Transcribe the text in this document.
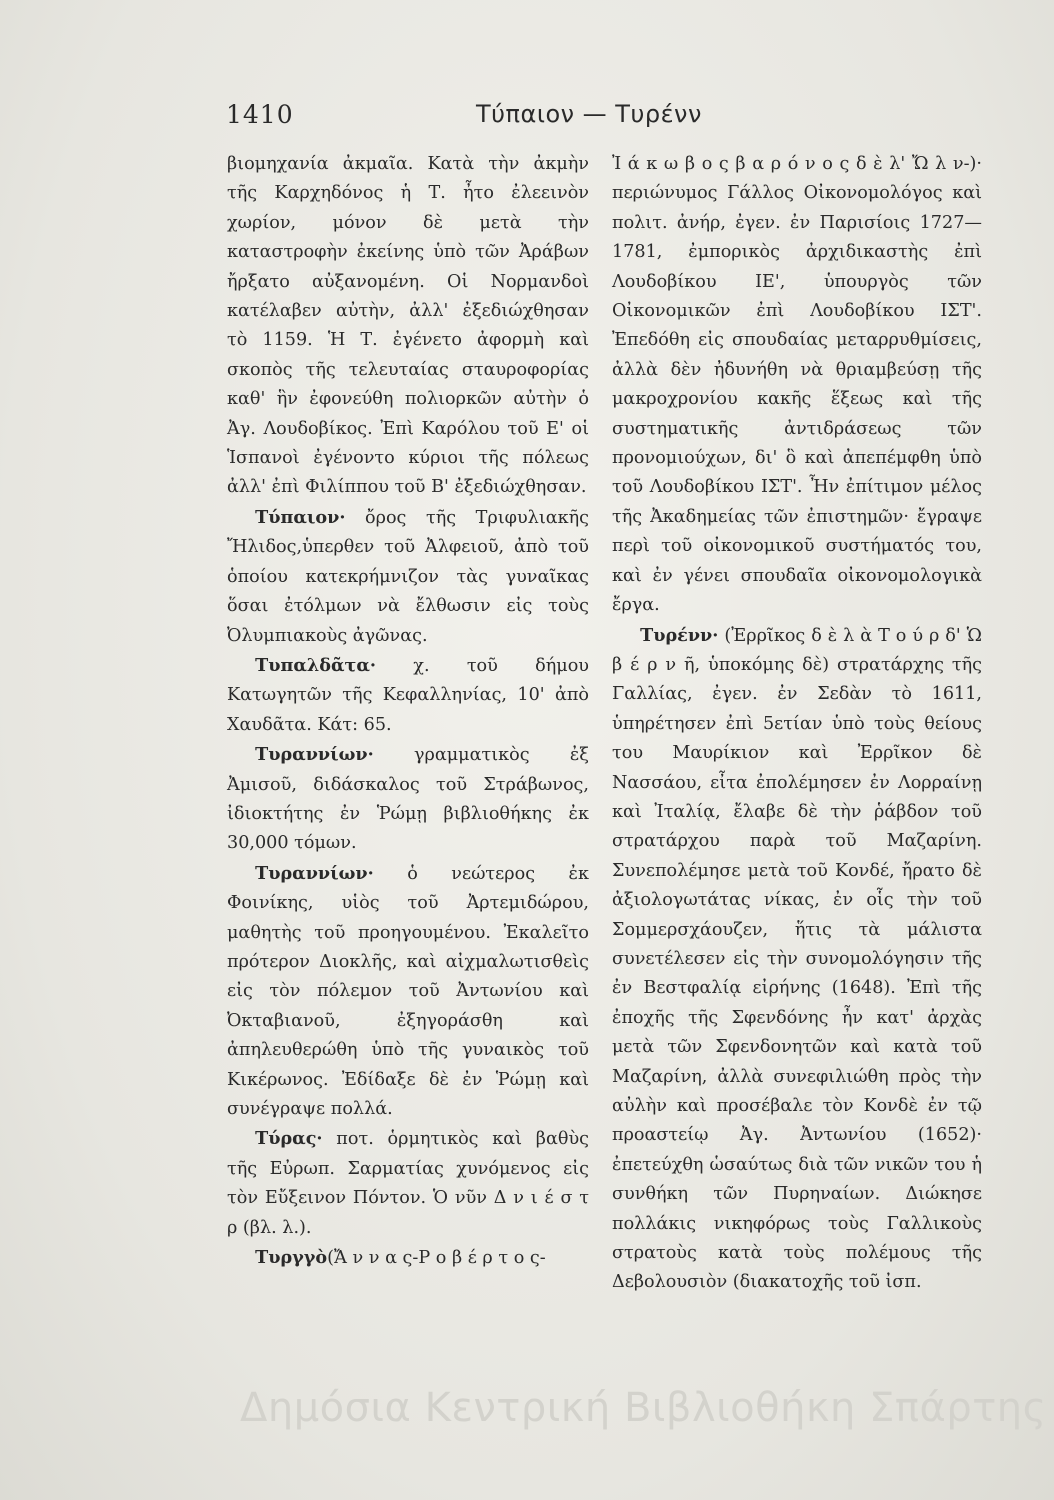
1410	Τύπαιον — Τυρένν

βιομηχανία ἀκμαῖα. Κατὰ τὴν ἀκμὴν τῆς Καρχηδόνος ἡ Τ. ἦτο ἐλεεινὸν χωρίον, μόνον δὲ μετὰ τὴν καταστροφὴν ἐκείνης ὑπὸ τῶν Ἀράβων ἤρξατο αὐξανομένη. Οἱ Νορμανδοὶ κατέλαβεν αὐτὴν, ἀλλ' ἐξεδιώχθησαν τὸ 1159. Ἡ Τ. ἐγένετο ἀφορμὴ καὶ σκοπὸς τῆς τελευταίας σταυροφορίας καθ' ἣν ἐφονεύθη πολιορκῶν αὐτὴν ὁ Ἀγ. Λουδοβίκος. Ἐπὶ Καρόλου τοῦ Ε' οἱ Ἱσπανοὶ ἐγένοντο κύριοι τῆς πόλεως ἀλλ' ἐπὶ Φιλίππου τοῦ Β' ἐξεδιώχθησαν.

Τύπαιον· ὄρος τῆς Τριφυλιακῆς Ἤλιδος,ὑπερθεν τοῦ Ἀλφειοῦ, ἀπὸ τοῦ ὁποίου κατεκρήμνιζον τὰς γυναῖκας ὅσαι ἐτόλμων νὰ ἔλθωσιν εἰς τοὺς Ὀλυμπιακοὺς ἀγῶνας.

Τυπαλδᾶτα· χ. τοῦ δήμου Κατωγητῶν τῆς Κεφαλληνίας, 10' ἀπὸ Χαυδᾶτα. Κάτ: 65.

Τυραννίων· γραμματικὸς ἐξ Ἀμισοῦ, διδάσκαλος τοῦ Στράβωνος, ἰδιοκτήτης ἐν Ῥώμῃ βιβλιοθήκης ἐκ 30,000 τόμων.

Τυραννίων· ὁ νεώτερος ἐκ Φοινίκης, υἱὸς τοῦ Ἀρτεμιδώρου, μαθητὴς τοῦ προηγουμένου. Ἐκαλεῖτο πρότερον Διοκλῆς, καὶ αἰχμαλωτισθεὶς εἰς τὸν πόλεμον τοῦ Ἀντωνίου καὶ Ὀκταβιανοῦ, ἐξηγοράσθη καὶ ἀπηλευθερώθη ὑπὸ τῆς γυναικὸς τοῦ Κικέρωνος. Ἐδίδαξε δὲ ἐν Ῥώμῃ καὶ συνέγραψε πολλά.

Τύρας· ποτ. ὁρμητικὸς καὶ βαθὺς τῆς Εὐρωπ. Σαρματίας χυνόμενος εἰς τὸν Εὔξεινον Πόντον. Ὁ νῦν Δ ν ι έ σ τ ρ (βλ. λ.).

Τυργγὸ(Ἄ ν ν α ς-Ρ ο β έ ρ τ ο ς-

Ἰ ά κ ω β ο ς β α ρ ό ν ο ς δ ὲ λ' Ὤ λ ν-)· περιώνυμος Γάλλος Οἰκονομολόγος καὶ πολιτ. ἀνήρ, ἐγεν. ἐν Παρισίοις 1727—1781, ἐμπορικὸς ἀρχιδικαστὴς ἐπὶ Λουδοβίκου ΙΕ', ὑπουργὸς τῶν Οἰκονομικῶν ἐπὶ Λουδοβίκου ΙΣΤ'. Ἐπεδόθη εἰς σπουδαίας μεταρρυθμίσεις, ἀλλὰ δὲν ἠδυνήθη νὰ θριαμβεύσῃ τῆς μακροχρονίου κακῆς ἕξεως καὶ τῆς συστηματικῆς ἀντιδράσεως τῶν προνομιούχων, δι' ὃ καὶ ἀπεπέμφθη ὑπὸ τοῦ Λουδοβίκου ΙΣΤ'. Ἦν ἐπίτιμον μέλος τῆς Ἀκαδημείας τῶν ἐπιστημῶν· ἔγραψε περὶ τοῦ οἰκονομικοῦ συστήματός του, καὶ ἐν γένει σπουδαῖα οἰκονομολογικὰ ἔργα.

Τυρένν· (Ἐρρῖκος δ ὲ λ ὰ Τ ο ύ ρ δ' Ὡ β έ ρ ν ῆ, ὑποκόμης δὲ) στρατάρχης τῆς Γαλλίας, ἐγεν. ἐν Σεδὰν τὸ 1611, ὑπηρέτησεν ἐπὶ 5ετίαν ὑπὸ τοὺς θείους του Μαυρίκιον καὶ Ἐρρῖκον δὲ Νασσάου, εἶτα ἐπολέμησεν ἐν Λορραίνῃ καὶ Ἰταλίᾳ, ἔλαβε δὲ τὴν ῥάβδον τοῦ στρατάρχου παρὰ τοῦ Μαζαρίνη. Συνεπολέμησε μετὰ τοῦ Κονδέ, ἤρατο δὲ ἀξιολογωτάτας νίκας, ἐν οἷς τὴν τοῦ Σομμερσχάουζεν, ἥτις τὰ μάλιστα συνετέλεσεν εἰς τὴν συνομολόγησιν τῆς ἐν Βεστφαλίᾳ εἰρήνης (1648). Ἐπὶ τῆς ἐποχῆς τῆς Σφενδόνης ἦν κατ' ἀρχὰς μετὰ τῶν Σφενδονητῶν καὶ κατὰ τοῦ Μαζαρίνη, ἀλλὰ συνεφιλιώθη πρὸς τὴν αὐλὴν καὶ προσέβαλε τὸν Κονδὲ ἐν τῷ προαστείῳ Ἀγ. Ἀντωνίου (1652)· ἐπετεύχθη ὡσαύτως διὰ τῶν νικῶν του ἡ συνθήκη τῶν Πυρηναίων. Διώκησε πολλάκις νικηφόρως τοὺς Γαλλικοὺς στρατοὺς κατὰ τοὺς πολέμους τῆς Δεβολουσιὸν (διακατοχῆς τοῦ ἰσπ.

Δημόσια Κεντρική Βιβλιοθήκη Σπάρτης
